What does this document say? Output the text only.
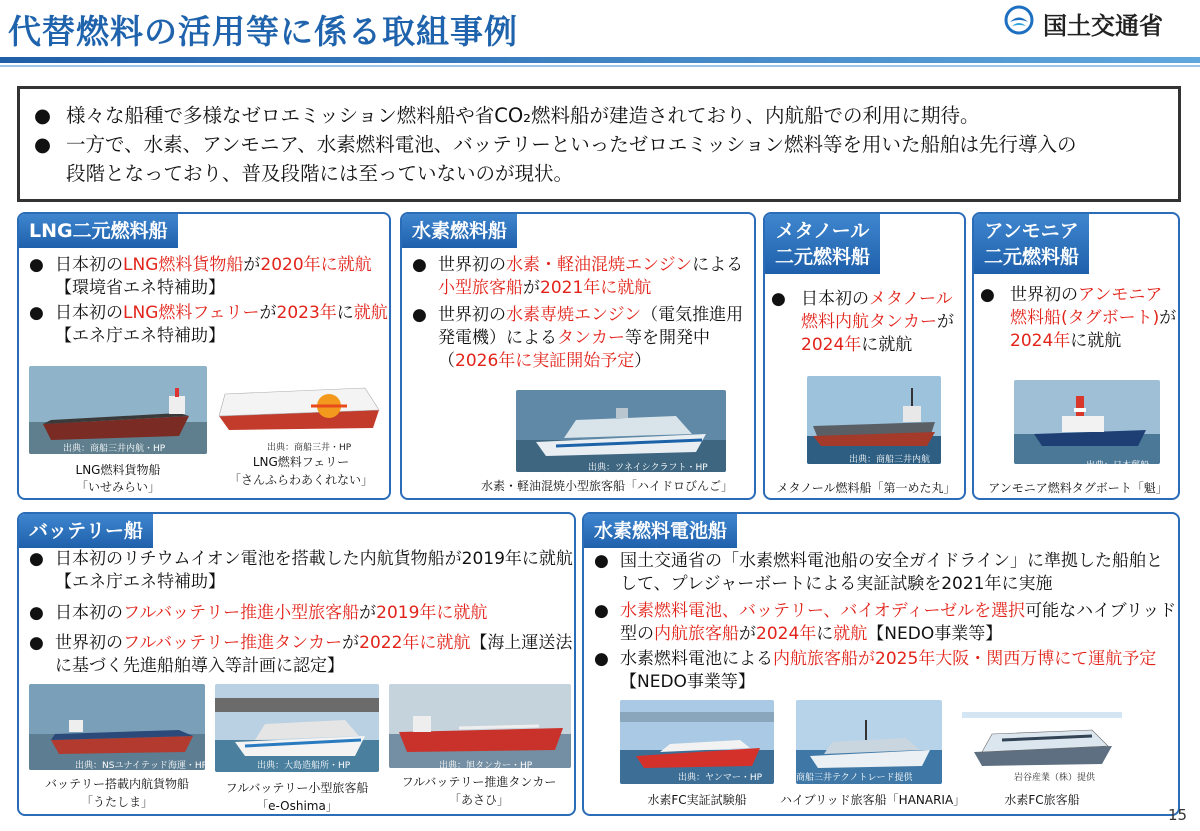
代替燃料の活用等に係る取組事例	国土交通省
● 様々な船種で多様なゼロエミッション燃料船や省CO₂燃料船が建造されており、内航船での利用に期待。
● 一方で、水素、アンモニア、水素燃料電池、バッテリーといったゼロエミッション燃料等を用いた船舶は先行導入の
段階となっており、普及段階には至っていないのが現状。
LNG二元燃料船
● 日本初のLNG燃料貨物船が2020年に就航【環境省エネ特補助】
● 日本初のLNG燃料フェリーが2023年に就航【エネ庁エネ特補助】
出典：商船三井内航・HP	出典：商船三井・HP
LNG燃料貨物船
「いせみらい」
LNG燃料フェリー
「さんふらわあくれない」
水素燃料船
● 世界初の水素・軽油混焼エンジンによる小型旅客船が2021年に就航
● 世界初の水素専焼エンジン（電気推進用発電機）によるタンカー等を開発中（2026年に実証開始予定）
出典：ツネイシクラフト・HP
水素・軽油混焼小型旅客船「ハイドロびんご」
メタノール
二元燃料船
● 日本初のメタノール燃料内航タンカーが2024年に就航
出典：商船三井内航
メタノール燃料船「第一めた丸」
アンモニア
二元燃料船
● 世界初のアンモニア燃料船(タグボート)が2024年に就航
出典：日本郵船
アンモニア燃料タグボート「魁」
バッテリー船
● 日本初のリチウムイオン電池を搭載した内航貨物船が2019年に就航【エネ庁エネ特補助】
● 日本初のフルバッテリー推進小型旅客船が2019年に就航
● 世界初のフルバッテリー推進タンカーが2022年に就航【海上運送法に基づく先進船舶導入等計画に認定】
出典：NSユナイテッド海運・HP	出典：大島造船所・HP	出典：旭タンカー・HP
バッテリー搭載内航貨物船
「うたしま」
フルバッテリー小型旅客船
「e-Oshima」
フルバッテリー推進タンカー
「あさひ」
水素燃料電池船
● 国土交通省の「水素燃料電池船の安全ガイドライン」に準拠した船舶として、プレジャーボートによる実証試験を2021年に実施
● 水素燃料電池、バッテリー、バイオディーゼルを選択可能なハイブリッド型の内航旅客船が2024年に就航【NEDO事業等】
● 水素燃料電池による内航旅客船が2025年大阪・関西万博にて運航予定【NEDO事業等】
出典：ヤンマー・HP	商船三井テクノトレード提供	岩谷産業（株）提供
水素FC実証試験船	ハイブリッド旅客船「HANARIA」	水素FC旅客船
15
